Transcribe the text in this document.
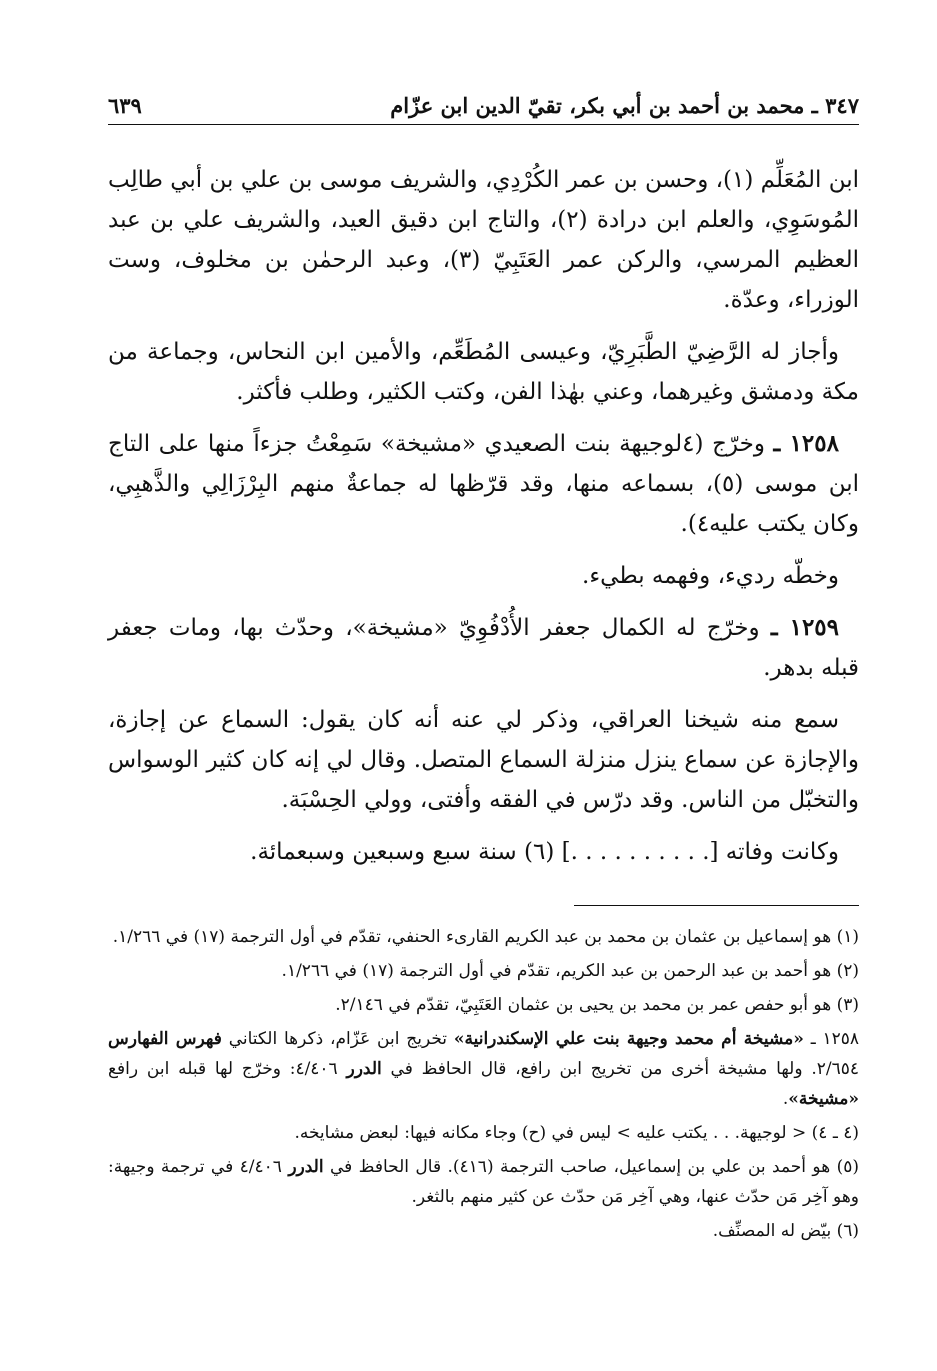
٣٤٧ ـ محمد بن أحمد بن أبي بكر، تقيّ الدين ابن عزّام
٦٣٩

ابن المُعَلِّم (١)، وحسن بن عمر الكُرْدِي، والشريف موسى بن علي بن أبي طالِب المُوسَوِي، والعلم ابن درادة (٢)، والتاج ابن دقيق العيد، والشريف علي بن عبد العظيم المرسي، والركن عمر العَتَبِيّ (٣)، وعبد الرحمٰن بن مخلوف، وست الوزراء، وعدّة.

وأجاز له الرَّضِيّ الطَّبَرِيّ، وعيسى المُطَعِّم، والأمين ابن النحاس، وجماعة من مكة ودمشق وغيرهما، وعني بهٰذا الفن، وكتب الكثير، وطلب فأكثر.

١٢٥٨ ـ وخرّج (٤لوجيهة بنت الصعيدي «مشيخة» سَمِعْتُ جزءاً منها على التاج ابن موسى (٥)، بسماعه منها، وقد قرّظها له جماعةٌ منهم البِرْزَالِي والذَّهبِي، وكان يكتب عليه٤).

وخطّه رديء، وفهمه بطيء.

١٢٥٩ ـ وخرّج له الكمال جعفر الأُدْفُوِيّ «مشيخة»، وحدّث بها، ومات جعفر قبله بدهر.

سمع منه شيخنا العراقي، وذكر لي عنه أنه كان يقول: السماع عن إجازة، والإجازة عن سماع ينزل منزلة السماع المتصل. وقال لي إنه كان كثير الوسواس والتخبّل من الناس. وقد درّس في الفقه وأفتى، وولي الحِسْبَة.

وكانت وفاته [. . . . . . . . . .] (٦) سنة سبع وسبعين وسبعمائة.

(١) هو إسماعيل بن عثمان بن محمد بن عبد الكريم القارىء الحنفي، تقدّم في أول الترجمة (١٧) في ١/٢٦٦.

(٢) هو أحمد بن عبد الرحمن بن عبد الكريم، تقدّم في أول الترجمة (١٧) في ١/٢٦٦.

(٣) هو أبو حفص عمر بن محمد بن يحيى بن عثمان العَتَبِيّ، تقدّم في ٢/١٤٦.

١٢٥٨ ـ «مشيخة أم محمد وجيهة بنت علي الإسكندرانية» تخريج ابن عَزّام، ذكرها الكتاني فهرس الفهارس ٢/٦٥٤. ولها مشيخة أخرى من تخريج ابن رافع، قال الحافظ في الدرر ٤/٤٠٦: وخرّج لها قبله ابن رافع «مشيخة».

(٤ ـ ٤) < لوجيهة. . . يكتب عليه > ليس في (ح) وجاء مكانه فيها: لبعض مشايخه.

(٥) هو أحمد بن علي بن إسماعيل، صاحب الترجمة (٤١٦). قال الحافظ في الدرر ٤/٤٠٦ في ترجمة وجيهة: وهو آخِر مَن حدّث عنها، وهي آخِر مَن حدّث عن كثير منهم بالثغر.

(٦) بيّض له المصنِّف.
